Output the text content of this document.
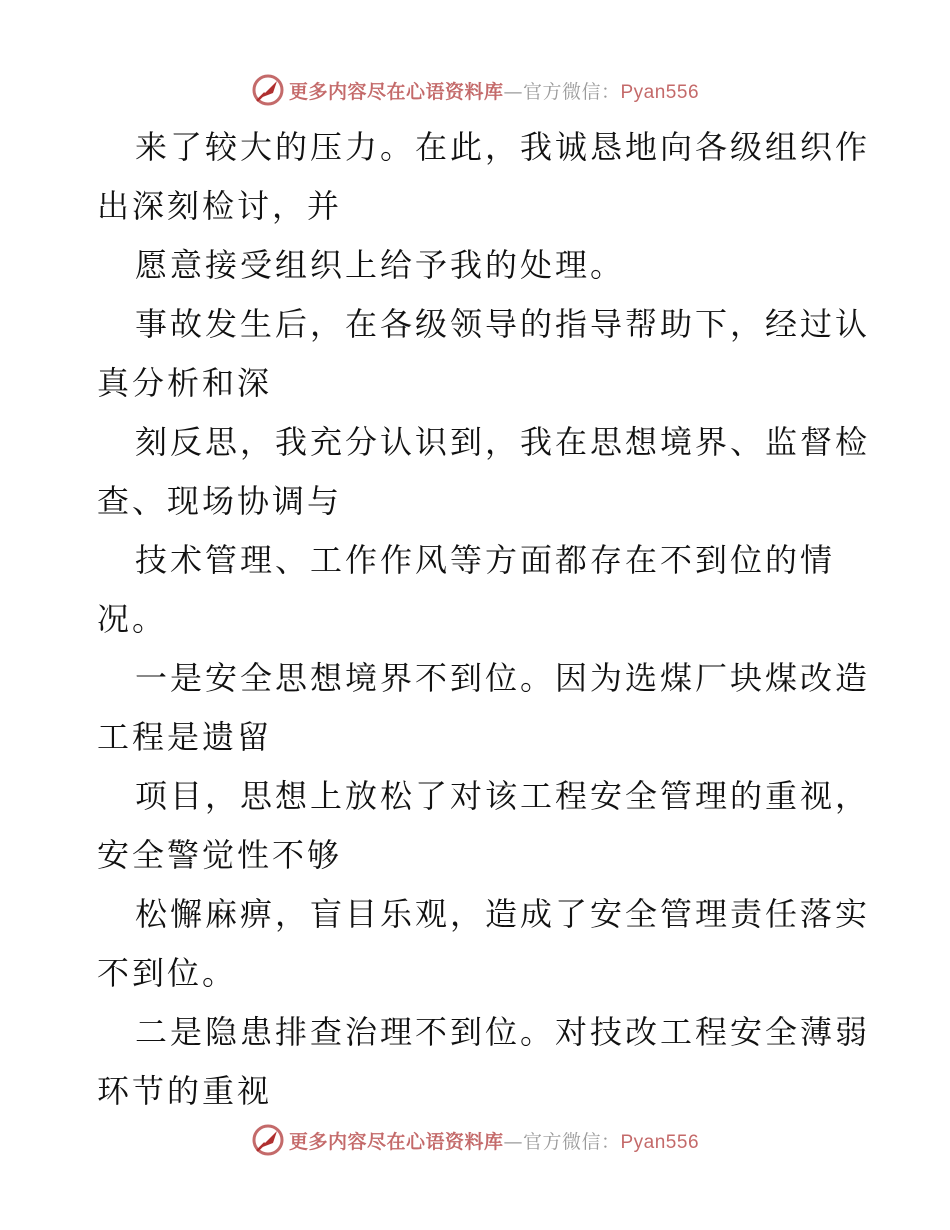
更多内容尽在心语资料库—官方微信：Pyan556
来了较大的压力。在此，我诚恳地向各级组织作
出深刻检讨，并
愿意接受组织上给予我的处理。
事故发生后，在各级领导的指导帮助下，经过认
真分析和深
刻反思，我充分认识到，我在思想境界、监督检
查、现场协调与
技术管理、工作作风等方面都存在不到位的情
况。
一是安全思想境界不到位。因为选煤厂块煤改造
工程是遗留
项目，思想上放松了对该工程安全管理的重视，
安全警觉性不够
松懈麻痹，盲目乐观，造成了安全管理责任落实
不到位。
二是隐患排查治理不到位。对技改工程安全薄弱
环节的重视
更多内容尽在心语资料库—官方微信：Pyan556
